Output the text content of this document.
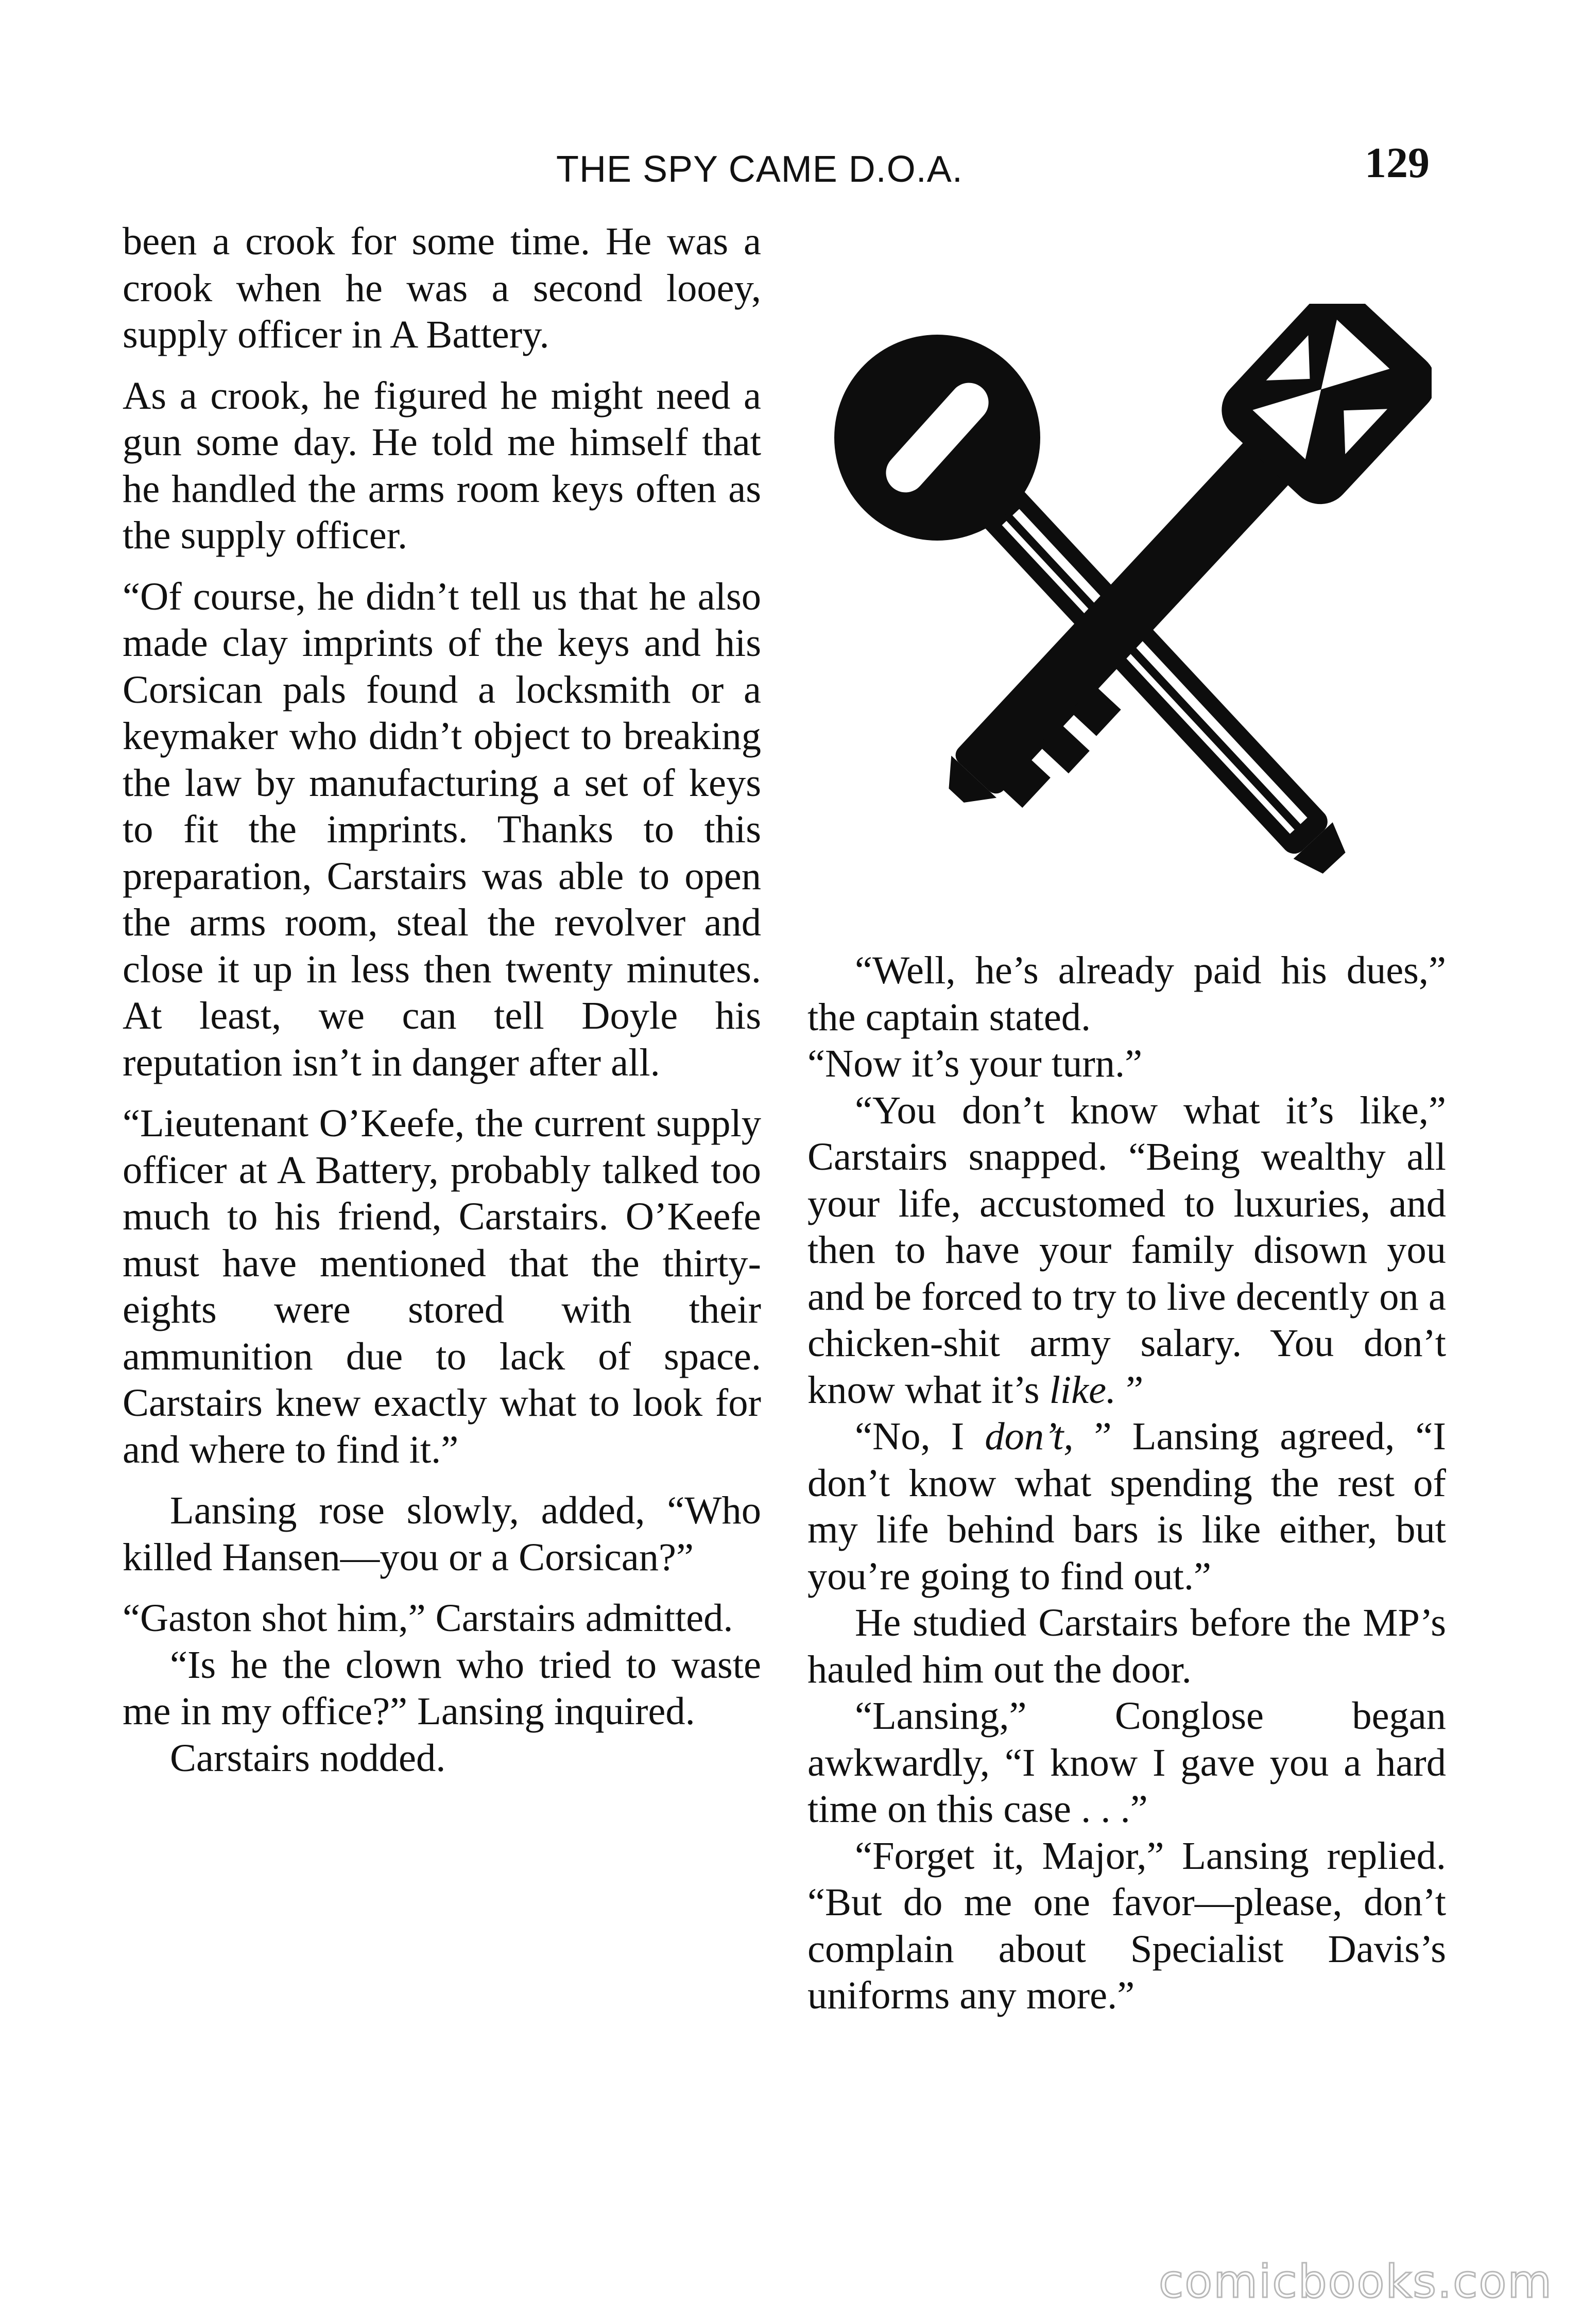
THE SPY CAME D.O.A.	129

been a crook for some time. He was a crook when he was a second looey, supply officer in A Battery.

As a crook, he figured he might need a gun some day. He told me himself that he handled the arms room keys often as the supply officer.

“Of course, he didn’t tell us that he also made clay imprints of the keys and his Corsican pals found a locksmith or a keymaker who didn’t object to breaking the law by manufacturing a set of keys to fit the imprints. Thanks to this preparation, Carstairs was able to open the arms room, steal the revolver and close it up in less then twenty minutes. At least, we can tell Doyle his reputation isn’t in danger after all.

“Lieutenant O’Keefe, the current supply officer at A Battery, probably talked too much to his friend, Carstairs. O’Keefe must have mentioned that the thirty-eights were stored with their ammunition due to lack of space. Carstairs knew exactly what to look for and where to find it.”

Lansing rose slowly, added, “Who killed Hansen—you or a Corsican?”

“Gaston shot him,” Carstairs admitted.

“Is he the clown who tried to waste me in my office?” Lansing inquired.

Carstairs nodded.

“Well, he’s already paid his dues,” the captain stated.

“Now it’s your turn.”

“You don’t know what it’s like,” Carstairs snapped. “Being wealthy all your life, accustomed to luxuries, and then to have your family disown you and be forced to try to live decently on a chicken-shit army salary. You don’t know what it’s like. ”

“No, I don’t, ” Lansing agreed, “I don’t know what spending the rest of my life behind bars is like either, but you’re going to find out.”

He studied Carstairs before the MP’s hauled him out the door.

“Lansing,” Conglose began awkwardly, “I know I gave you a hard time on this case . . .”

“Forget it, Major,” Lansing replied. “But do me one favor—please, don’t complain about Specialist Davis’s uniforms any more.”

comicbooks.com
